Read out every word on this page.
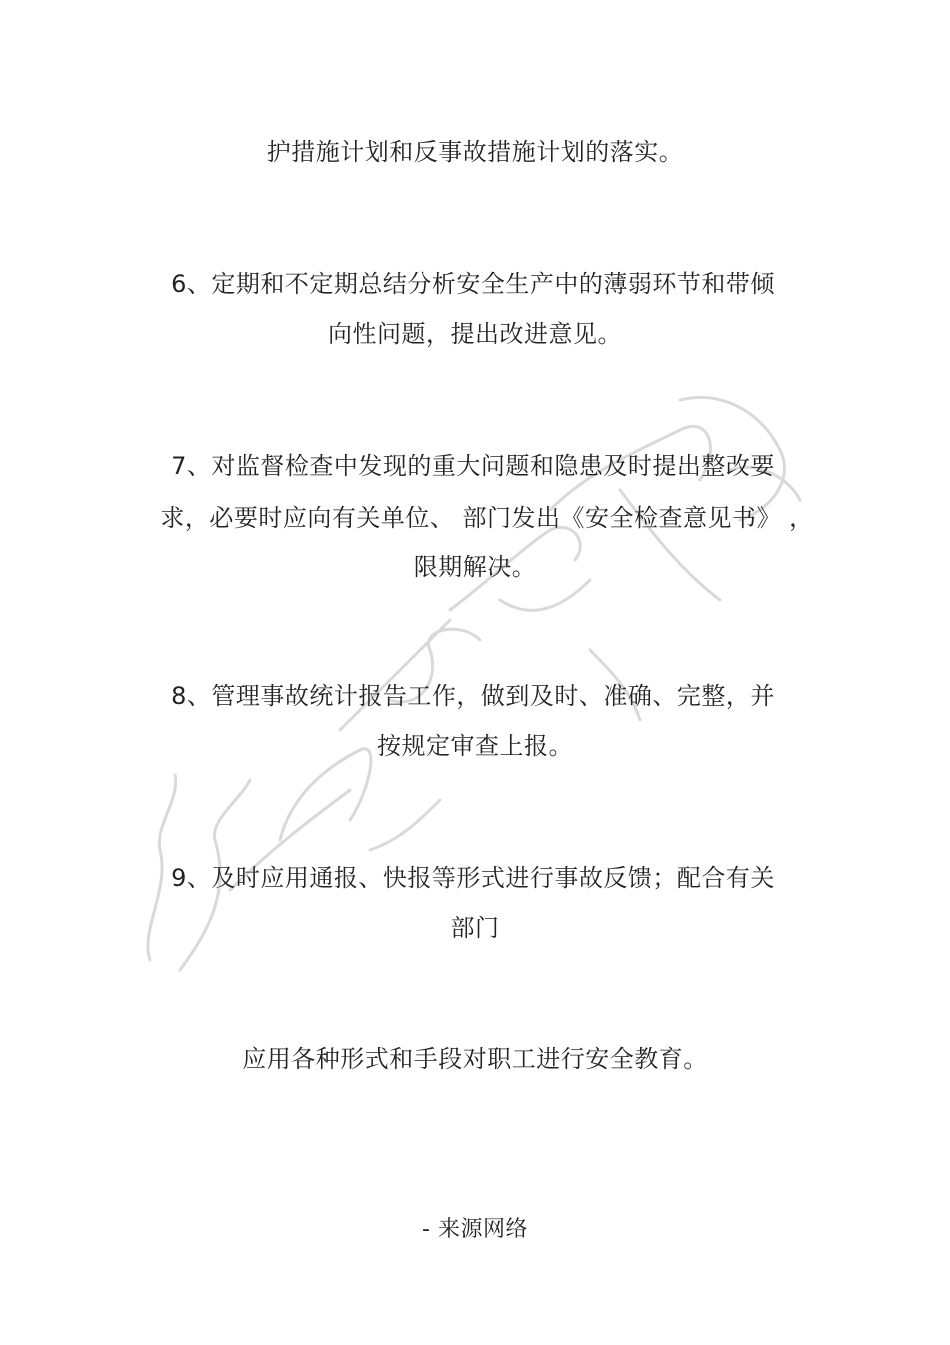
护措施计划和反事故措施计划的落实。
6、定期和不定期总结分析安全生产中的薄弱环节和带倾
向性问题，提出改进意见。
7、对监督检查中发现的重大问题和隐患及时提出整改要
求，必要时应向有关单位、 部门发出《安全检查意见书》 ，
限期解决。
8、管理事故统计报告工作，做到及时、准确、完整，并
按规定审查上报。
9、及时应用通报、快报等形式进行事故反馈；配合有关
部门
应用各种形式和手段对职工进行安全教育。
- 来源网络
